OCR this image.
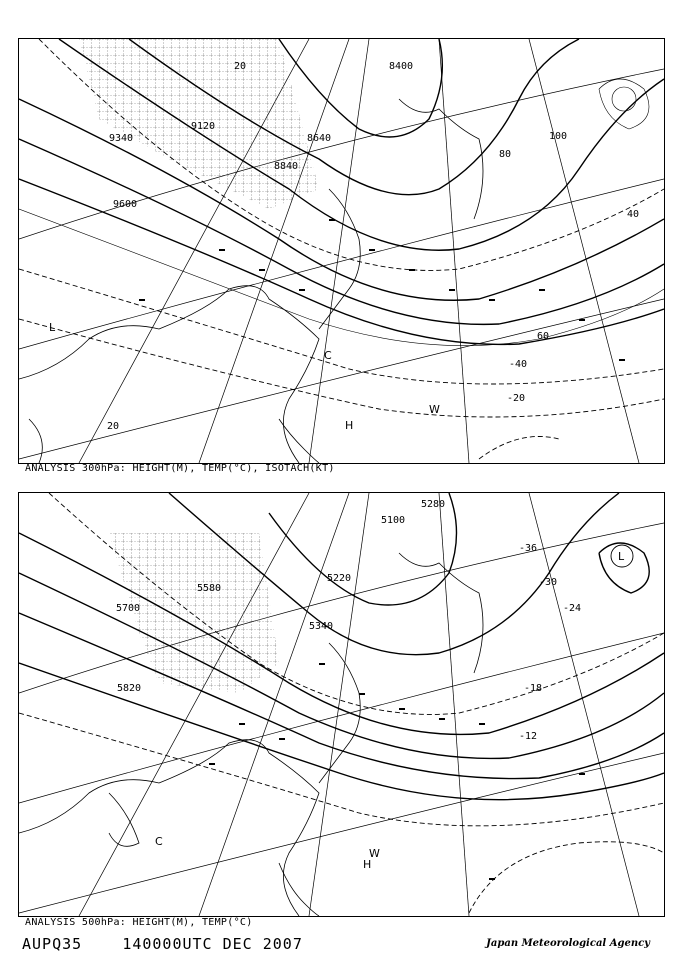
8400
9120
9340	8640
8840
9600
20
60
100
80
40
-40
-20
20	H
W
C
L
ANALYSIS 300hPa: HEIGHT(M), TEMP(°C), ISOTACH(KT)
5280
5100
5220
5580
5700
5820
5340
-36
-30
-24
-18
-12
L
H
W
C
ANALYSIS 500hPa: HEIGHT(M), TEMP(°C)
AUPQ35	140000UTC DEC 2007	Japan Meteorological Agency
